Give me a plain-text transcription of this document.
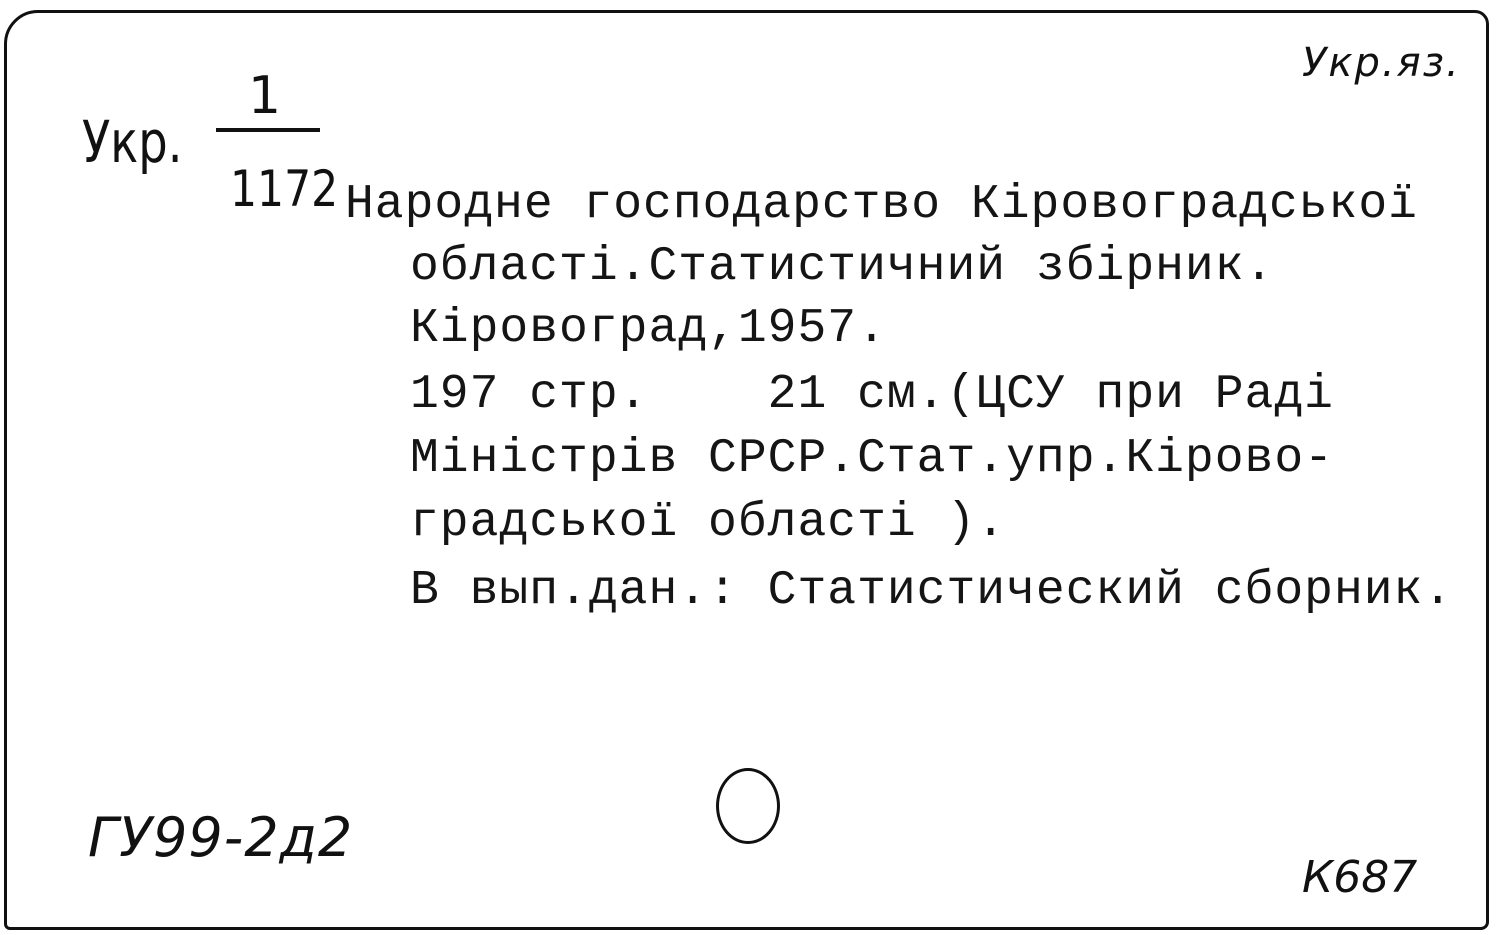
Укр.яз.
Укр.
1
1172 Народне господарство Кіровоградської
області.Статистичний збірник.
Кіровоград,1957.
197 стр.    21 см.(ЦСУ при Раді
Міністрів СРСР.Стат.упр.Кірово-
градської області ).
В вып.дан.: Статистический сборник.
ГУ99-2д2
К687
